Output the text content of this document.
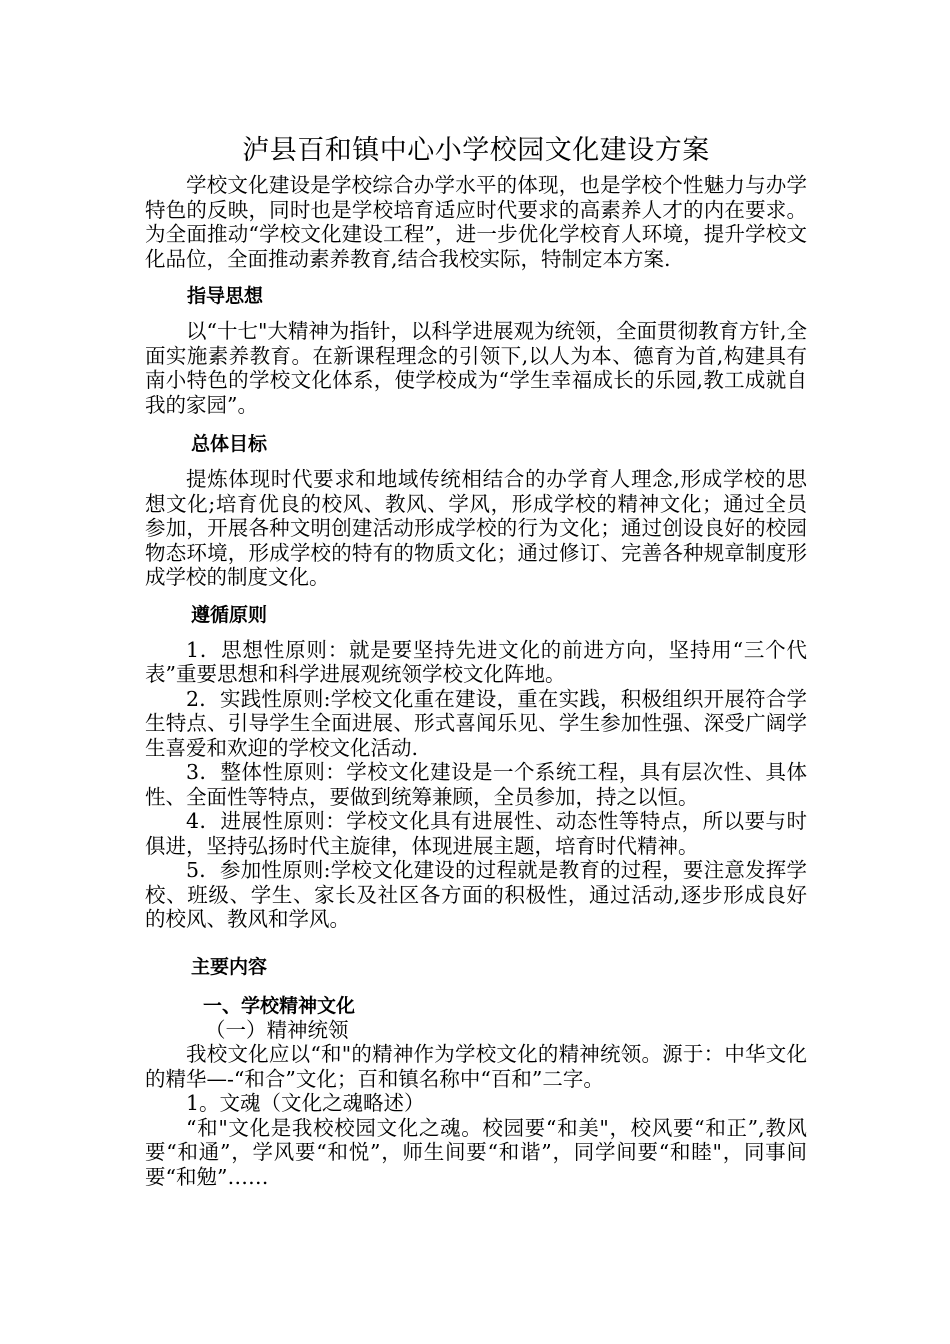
泸县百和镇中心小学校园文化建设方案

学校文化建设是学校综合办学水平的体现，也是学校个性魅力与办学特色的反映，同时也是学校培育适应时代要求的高素养人才的内在要求。为全面推动“学校文化建设工程”，进一步优化学校育人环境，提升学校文化品位，全面推动素养教育,结合我校实际，特制定本方案.

指导思想

以“十七"大精神为指针，以科学进展观为统领，全面贯彻教育方针,全面实施素养教育。在新课程理念的引领下,以人为本、德育为首,构建具有南小特色的学校文化体系，使学校成为“学生幸福成长的乐园,教工成就自我的家园”。

总体目标

提炼体现时代要求和地域传统相结合的办学育人理念,形成学校的思想文化;培育优良的校风、教风、学风，形成学校的精神文化；通过全员参加，开展各种文明创建活动形成学校的行为文化；通过创设良好的校园物态环境，形成学校的特有的物质文化；通过修订、完善各种规章制度形成学校的制度文化。

遵循原则

1．思想性原则：就是要坚持先进文化的前进方向，坚持用“三个代表”重要思想和科学进展观统领学校文化阵地。

2．实践性原则:学校文化重在建设，重在实践，积极组织开展符合学生特点、引导学生全面进展、形式喜闻乐见、学生参加性强、深受广阔学生喜爱和欢迎的学校文化活动.

3．整体性原则：学校文化建设是一个系统工程，具有层次性、具体性、全面性等特点，要做到统筹兼顾，全员参加，持之以恒。

4．进展性原则：学校文化具有进展性、动态性等特点，所以要与时俱进，坚持弘扬时代主旋律，体现进展主题，培育时代精神。

5．参加性原则:学校文化建设的过程就是教育的过程，要注意发挥学校、班级、学生、家长及社区各方面的积极性，通过活动,逐步形成良好的校风、教风和学风。

主要内容
一、学校精神文化
（一）精神统领

我校文化应以“和"的精神作为学校文化的精神统领。源于：中华文化的精华—-“和合”文化；百和镇名称中“百和”二字。

1。文魂（文化之魂略述）

“和"文化是我校校园文化之魂。校园要“和美"，校风要“和正”,教风要“和通”，学风要“和悦”，师生间要“和谐”，同学间要“和睦"，同事间要“和勉”……
